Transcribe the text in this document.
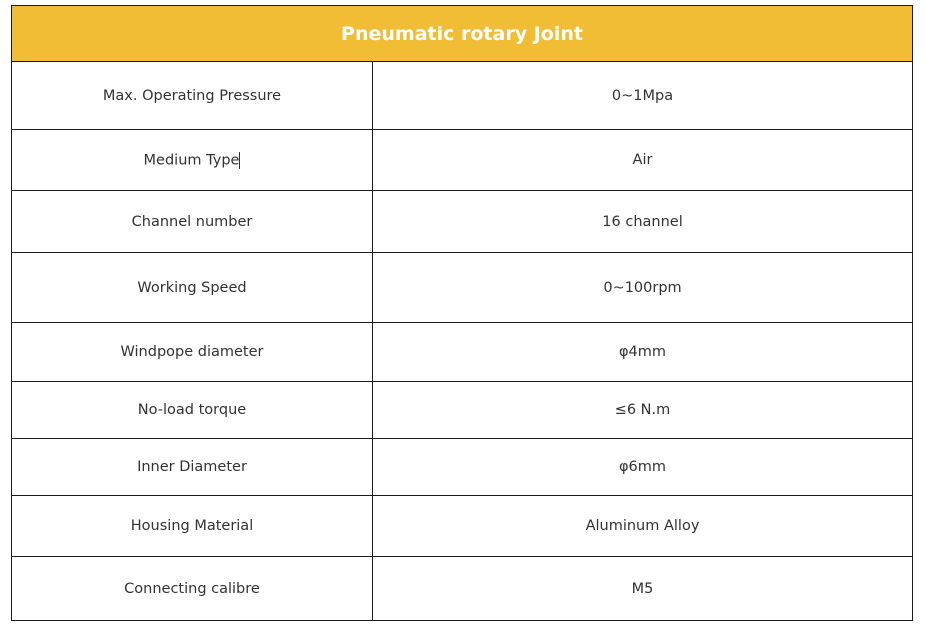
Pneumatic rotary Joint	
Max. Operating Pressure	0~1Mpa
Medium Type	Air
Channel number	16 channel
Working Speed	0~100rpm
Windpope diameter	φ4mm
No-load torque	≤6 N.m
Inner Diameter	φ6mm
Housing Material	Aluminum Alloy
Connecting calibre	M5
